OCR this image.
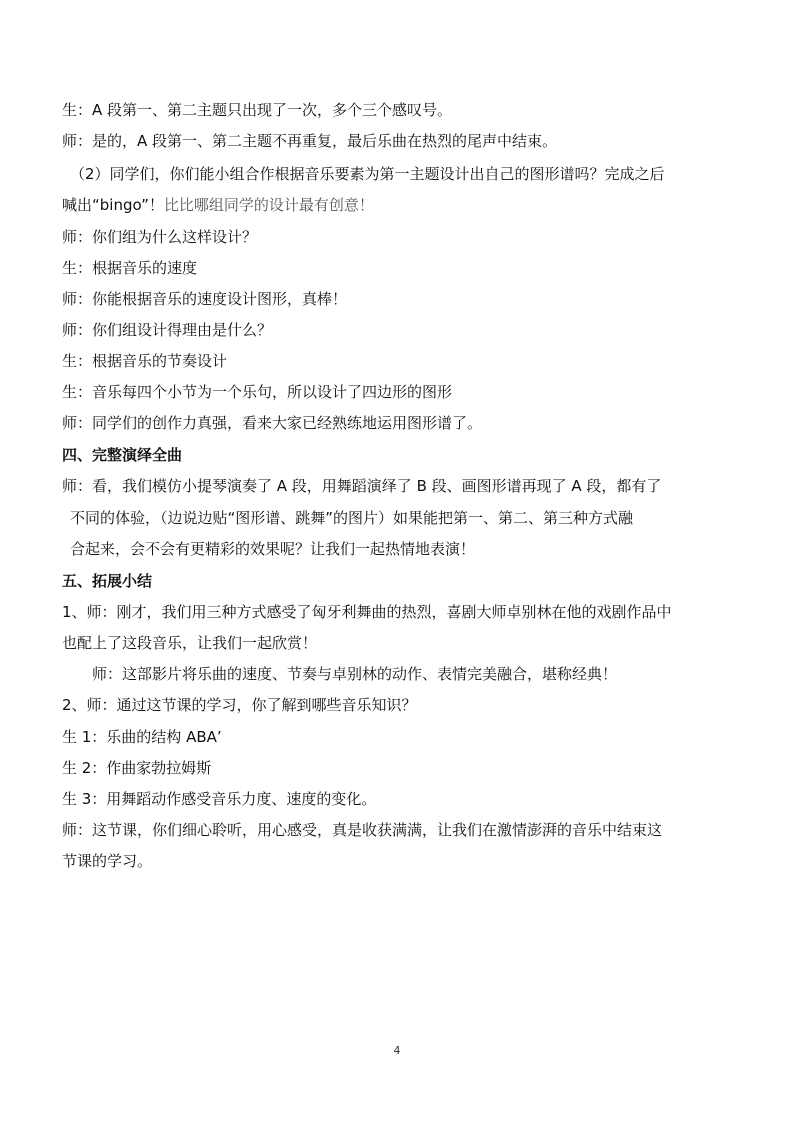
生：A 段第一、第二主题只出现了一次，多个三个感叹号。
师：是的，A 段第一、第二主题不再重复，最后乐曲在热烈的尾声中结束。
（2）同学们，你们能小组合作根据音乐要素为第一主题设计出自己的图形谱吗？完成之后
喊出“bingo”！比比哪组同学的设计最有创意！
师：你们组为什么这样设计？
生：根据音乐的速度
师：你能根据音乐的速度设计图形，真棒！
师：你们组设计得理由是什么？
生：根据音乐的节奏设计
生：音乐每四个小节为一个乐句，所以设计了四边形的图形
师：同学们的创作力真强，看来大家已经熟练地运用图形谱了。
四、完整演绎全曲
师：看，我们模仿小提琴演奏了 A 段，用舞蹈演绎了 B 段、画图形谱再现了 A 段，都有了
不同的体验，（边说边贴“图形谱、跳舞”的图片）如果能把第一、第二、第三种方式融
合起来，会不会有更精彩的效果呢？让我们一起热情地表演！
五、拓展小结
1、师：刚才，我们用三种方式感受了匈牙利舞曲的热烈，喜剧大师卓别林在他的戏剧作品中
也配上了这段音乐，让我们一起欣赏！
师：这部影片将乐曲的速度、节奏与卓别林的动作、表情完美融合，堪称经典！
2、师：通过这节课的学习，你了解到哪些音乐知识？
生 1：乐曲的结构 ABA’
生 2：作曲家勃拉姆斯
生 3：用舞蹈动作感受音乐力度、速度的变化。
师：这节课，你们细心聆听，用心感受，真是收获满满，让我们在激情澎湃的音乐中结束这
节课的学习。
4
